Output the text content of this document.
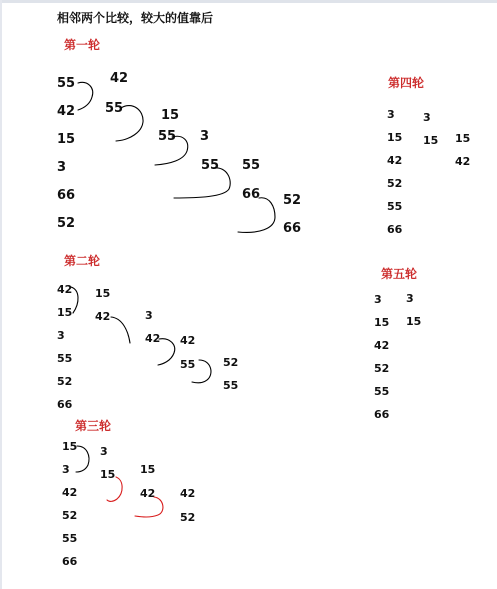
相邻两个比较，较大的值靠后
第一轮
55
42
15
3
66
52
42
55	15
55 3
55 55
66 52
66
第二轮
42
15
3
55
52
66
15
42	3
42 42
55	52
55
第三轮
15
3
42
52
55
66
3
15 15
42 42
52
第四轮
3
15
42
52
55
66
3
15 15
42
第五轮
3
15
42
52
55
66
3
15
